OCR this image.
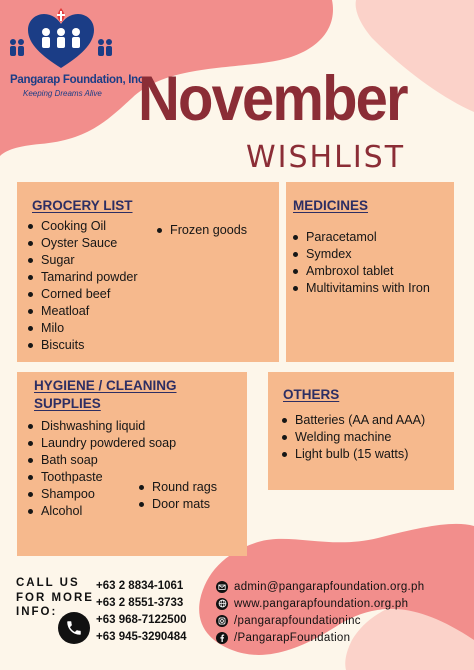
Pangarap Foundation, Inc.
Keeping Dreams Alive November
WISHLIST
GROCERY LIST
Cooking Oil
Oyster Sauce
Sugar
Tamarind powder
Corned beef
Meatloaf
Milo
Biscuits
Frozen goods
MEDICINES
Paracetamol
Symdex
Ambroxol tablet
Multivitamins with Iron
HYGIENE / CLEANING
SUPPLIES
Dishwashing liquid
Laundry powdered soap
Bath soap
Toothpaste
Shampoo
Alcohol
Round rags
Door mats
OTHERS
Batteries (AA and AAA)
Welding machine
Light bulb (15 watts)
CALL US
FOR MORE
INFO:
+63 2 8834-1061
+63 2 8551-3733
+63 968-7122500
+63 945-3290484
admin@pangarapfoundation.org.ph
www.pangarapfoundation.org.ph
/pangarapfoundationinc
/PangarapFoundation
